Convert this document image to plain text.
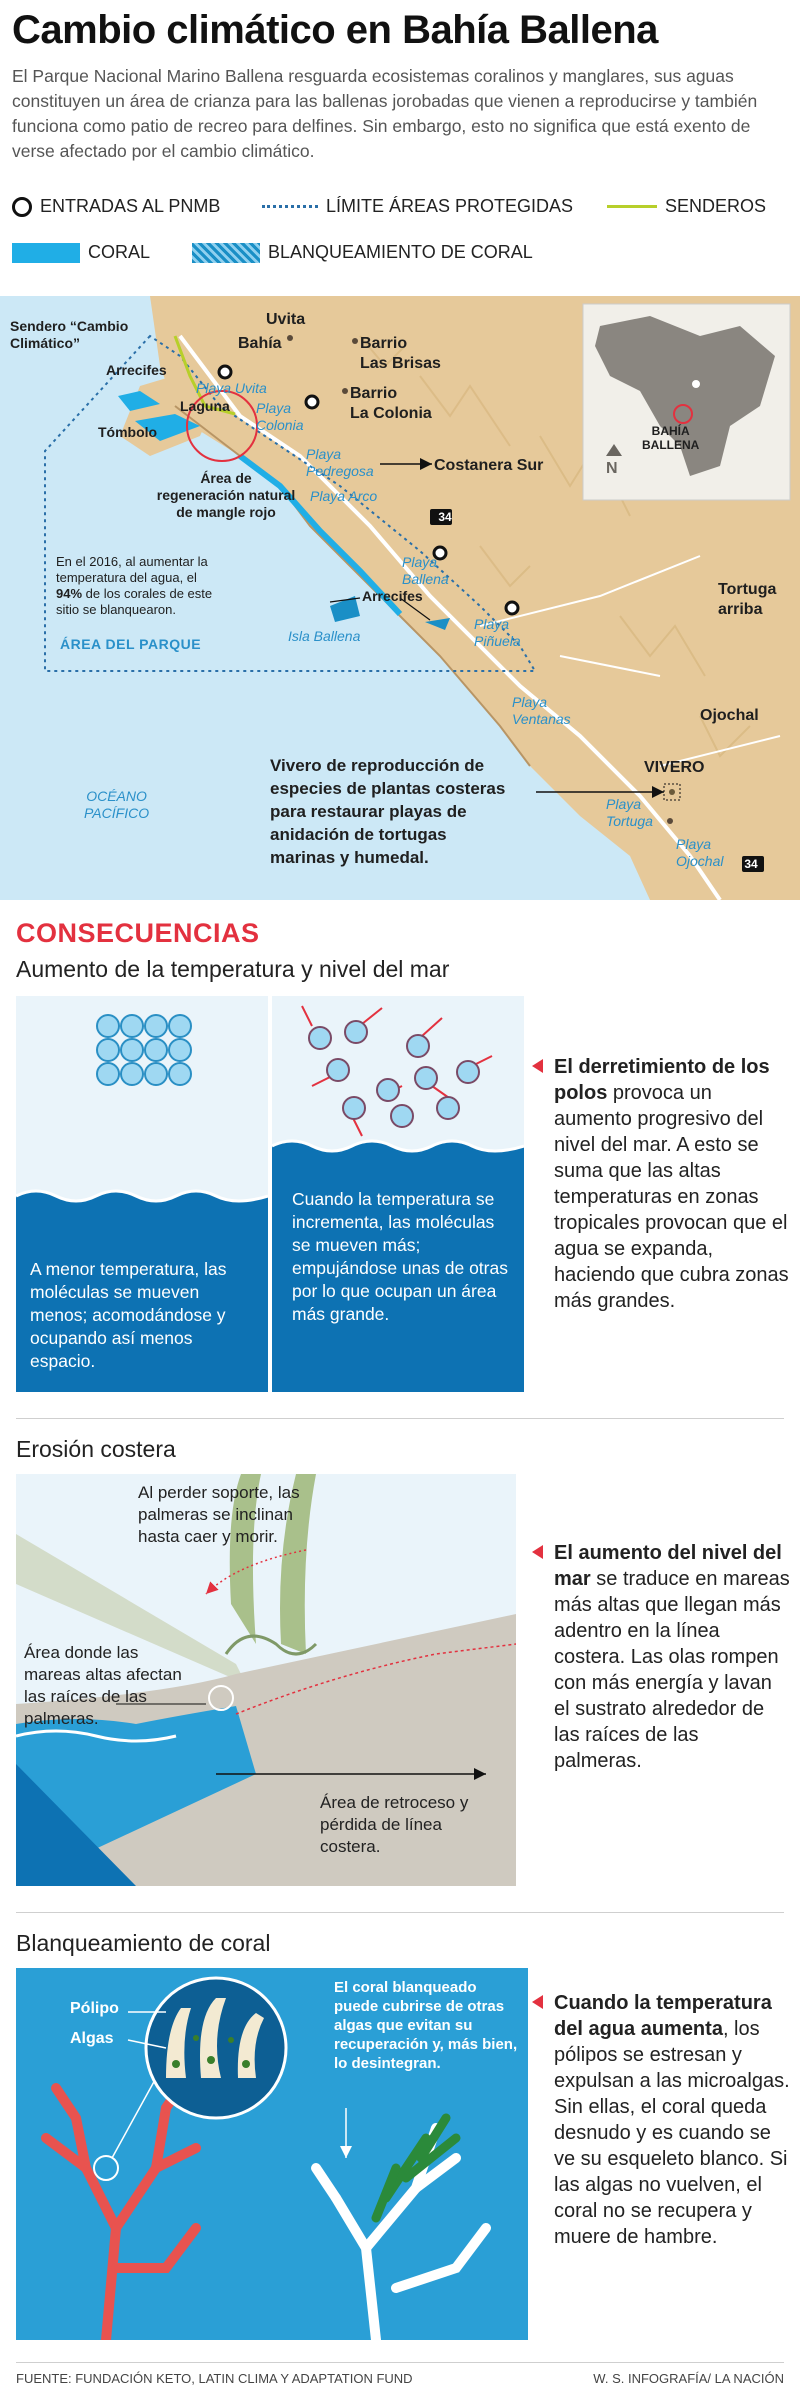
Cambio climático en Bahía Ballena

El Parque Nacional Marino Ballena resguarda ecosistemas coralinos y manglares, sus aguas constituyen un área de crianza para las ballenas jorobadas que vienen a reproducirse y también funciona como patio de recreo para delfines. Sin embargo, esto no significa que está exento de verse afectado por el cambio climático.

ENTRADAS AL PNMB	LÍMITE ÁREAS PROTEGIDAS	SENDEROS
CORAL	BLANQUEAMIENTO DE CORAL
Sendero “Cambio
Climático”
Uvita
Bahía	Barrio
Las Brisas
Barrio
La Colonia
Arrecifes
Laguna
Tómbolo
Playa Uvita
Playa
Colonia
Playa
Pedregosa
Playa Arco
Costanera Sur
34
34
Área de
regeneración natural
de mangle rojo
En el 2016, al aumentar la
temperatura del agua, el
94% de los corales de este
sitio se blanquearon.
ÁREA DEL PARQUE
Arrecifes
Isla Ballena
Playa
Ballena
Playa
Piñuela
Playa
Ventanas
Tortuga
arriba
Ojochal
VIVERO
Vivero de reproducción de
especies de plantas costeras
para restaurar playas de
anidación de tortugas
marinas y humedal.
Playa
Tortuga
Playa
Ojochal
OCÉANO
PACÍFICO
BAHÍA
BALLENA
N
CONSECUENCIAS
Aumento de la temperatura y nivel del mar
A menor temperatura, las moléculas se mueven menos; acomodándose y ocupando así menos espacio.
Cuando la temperatura se incrementa, las moléculas se mueven más; empujándose unas de otras por lo que ocupan un área más grande.
El derretimiento de los polos provoca un aumento progresivo del nivel del mar. A esto se suma que las altas temperaturas en zonas tropicales provocan que el agua se expanda, haciendo que cubra zonas más grandes.
Erosión costera
Al perder soporte, las palmeras se inclinan hasta caer y morir.
Área donde las mareas altas afectan las raíces de las palmeras.
Área de retroceso y pérdida de línea costera.
El aumento del nivel del mar se traduce en mareas más altas que llegan más adentro en la línea costera. Las olas rompen con más energía y lavan el sustrato alrededor de las raíces de las palmeras.
Blanqueamiento de coral
Pólipo
Algas
El coral blanqueado puede cubrirse de otras algas que evitan su recuperación y, más bien, lo desintegran.
Cuando la temperatura del agua aumenta, los pólipos se estresan y expulsan a las microalgas. Sin ellas, el coral queda desnudo y es cuando se ve su esqueleto blanco. Si las algas no vuelven, el coral no se recupera y muere de hambre.
FUENTE: FUNDACIÓN KETO, LATIN CLIMA Y ADAPTATION FUND	W. S. INFOGRAFÍA/ LA NACIÓN
